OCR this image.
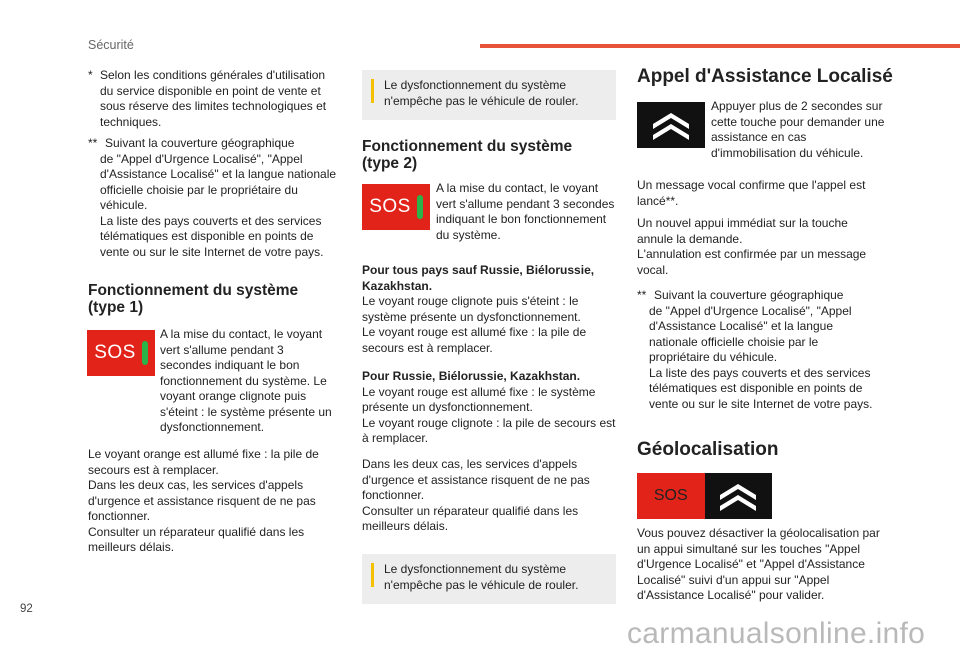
Sécurité
* Selon les conditions générales d'utilisation du service disponible en point de vente et sous réserve des limites technologiques et techniques.

** Suivant la couverture géographique

de "Appel d'Urgence Localisé", "Appel d'Assistance Localisé" et la langue nationale officielle choisie par le propriétaire du véhicule.

La liste des pays couverts et des services télématiques est disponible en points de vente ou sur le site Internet de votre pays.

Fonctionnement du système
(type 1)
SOS

A la mise du contact, le voyant vert s'allume pendant 3 secondes indiquant le bon fonctionnement du système. Le voyant orange clignote puis s'éteint : le système présente un dysfonctionnement.

Le voyant orange est allumé fixe : la pile de secours est à remplacer.

Dans les deux cas, les services d'appels d'urgence et assistance risquent de ne pas fonctionner.

Consulter un réparateur qualifié dans les meilleurs délais.

Le dysfonctionnement du système n'empêche pas le véhicule de rouler.

Fonctionnement du système
(type 2)
SOS

A la mise du contact, le voyant vert s'allume pendant 3 secondes indiquant le bon fonctionnement du système.

Pour tous pays sauf Russie, Biélorussie, Kazakhstan.

Le voyant rouge clignote puis s'éteint : le système présente un dysfonctionnement.

Le voyant rouge est allumé fixe : la pile de secours est à remplacer.

Pour Russie, Biélorussie, Kazakhstan.

Le voyant rouge est allumé fixe : le système présente un dysfonctionnement.

Le voyant rouge clignote : la pile de secours est à remplacer.

Dans les deux cas, les services d'appels d'urgence et assistance risquent de ne pas fonctionner.

Consulter un réparateur qualifié dans les meilleurs délais.

Le dysfonctionnement du système n'empêche pas le véhicule de rouler.

Appel d'Assistance Localisé

Appuyer plus de 2 secondes sur cette touche pour demander une assistance en cas d'immobilisation du véhicule.

Un message vocal confirme que l'appel est lancé**.

Un nouvel appui immédiat sur la touche annule la demande.

L'annulation est confirmée par un message vocal.

** Suivant la couverture géographique

de "Appel d'Urgence Localisé", "Appel d'Assistance Localisé" et la langue nationale officielle choisie par le propriétaire du véhicule.

La liste des pays couverts et des services télématiques est disponible en points de vente ou sur le site Internet de votre pays.

Géolocalisation
SOS

Vous pouvez désactiver la géolocalisation par un appui simultané sur les touches "Appel d'Urgence Localisé" et "Appel d'Assistance Localisé" suivi d'un appui sur "Appel d'Assistance Localisé" pour valider.

92
carmanualsonline.info
